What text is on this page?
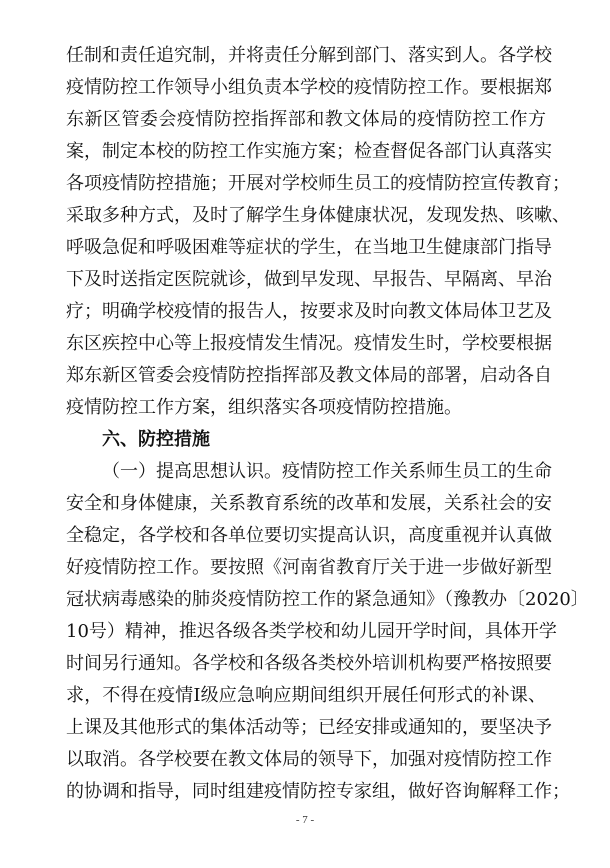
任制和责任追究制，并将责任分解到部门、落实到人。各学校
疫情防控工作领导小组负责本学校的疫情防控工作。要根据郑
东新区管委会疫情防控指挥部和教文体局的疫情防控工作方
案，制定本校的防控工作实施方案；检查督促各部门认真落实
各项疫情防控措施；开展对学校师生员工的疫情防控宣传教育；
采取多种方式，及时了解学生身体健康状况，发现发热、咳嗽、
呼吸急促和呼吸困难等症状的学生，在当地卫生健康部门指导
下及时送指定医院就诊，做到早发现、早报告、早隔离、早治
疗；明确学校疫情的报告人，按要求及时向教文体局体卫艺及
东区疾控中心等上报疫情发生情况。疫情发生时，学校要根据
郑东新区管委会疫情防控指挥部及教文体局的部署，启动各自
疫情防控工作方案，组织落实各项疫情防控措施。
六、防控措施
（一）提高思想认识。疫情防控工作关系师生员工的生命
安全和身体健康，关系教育系统的改革和发展，关系社会的安
全稳定，各学校和各单位要切实提高认识，高度重视并认真做
好疫情防控工作。要按照《河南省教育厅关于进一步做好新型
冠状病毒感染的肺炎疫情防控工作的紧急通知》（豫教办〔2020〕
10号）精神，推迟各级各类学校和幼儿园开学时间，具体开学
时间另行通知。各学校和各级各类校外培训机构要严格按照要
求，不得在疫情Ⅰ级应急响应期间组织开展任何形式的补课、
上课及其他形式的集体活动等；已经安排或通知的，要坚决予
以取消。各学校要在教文体局的领导下，加强对疫情防控工作
的协调和指导，同时组建疫情防控专家组，做好咨询解释工作；
- 7 -
